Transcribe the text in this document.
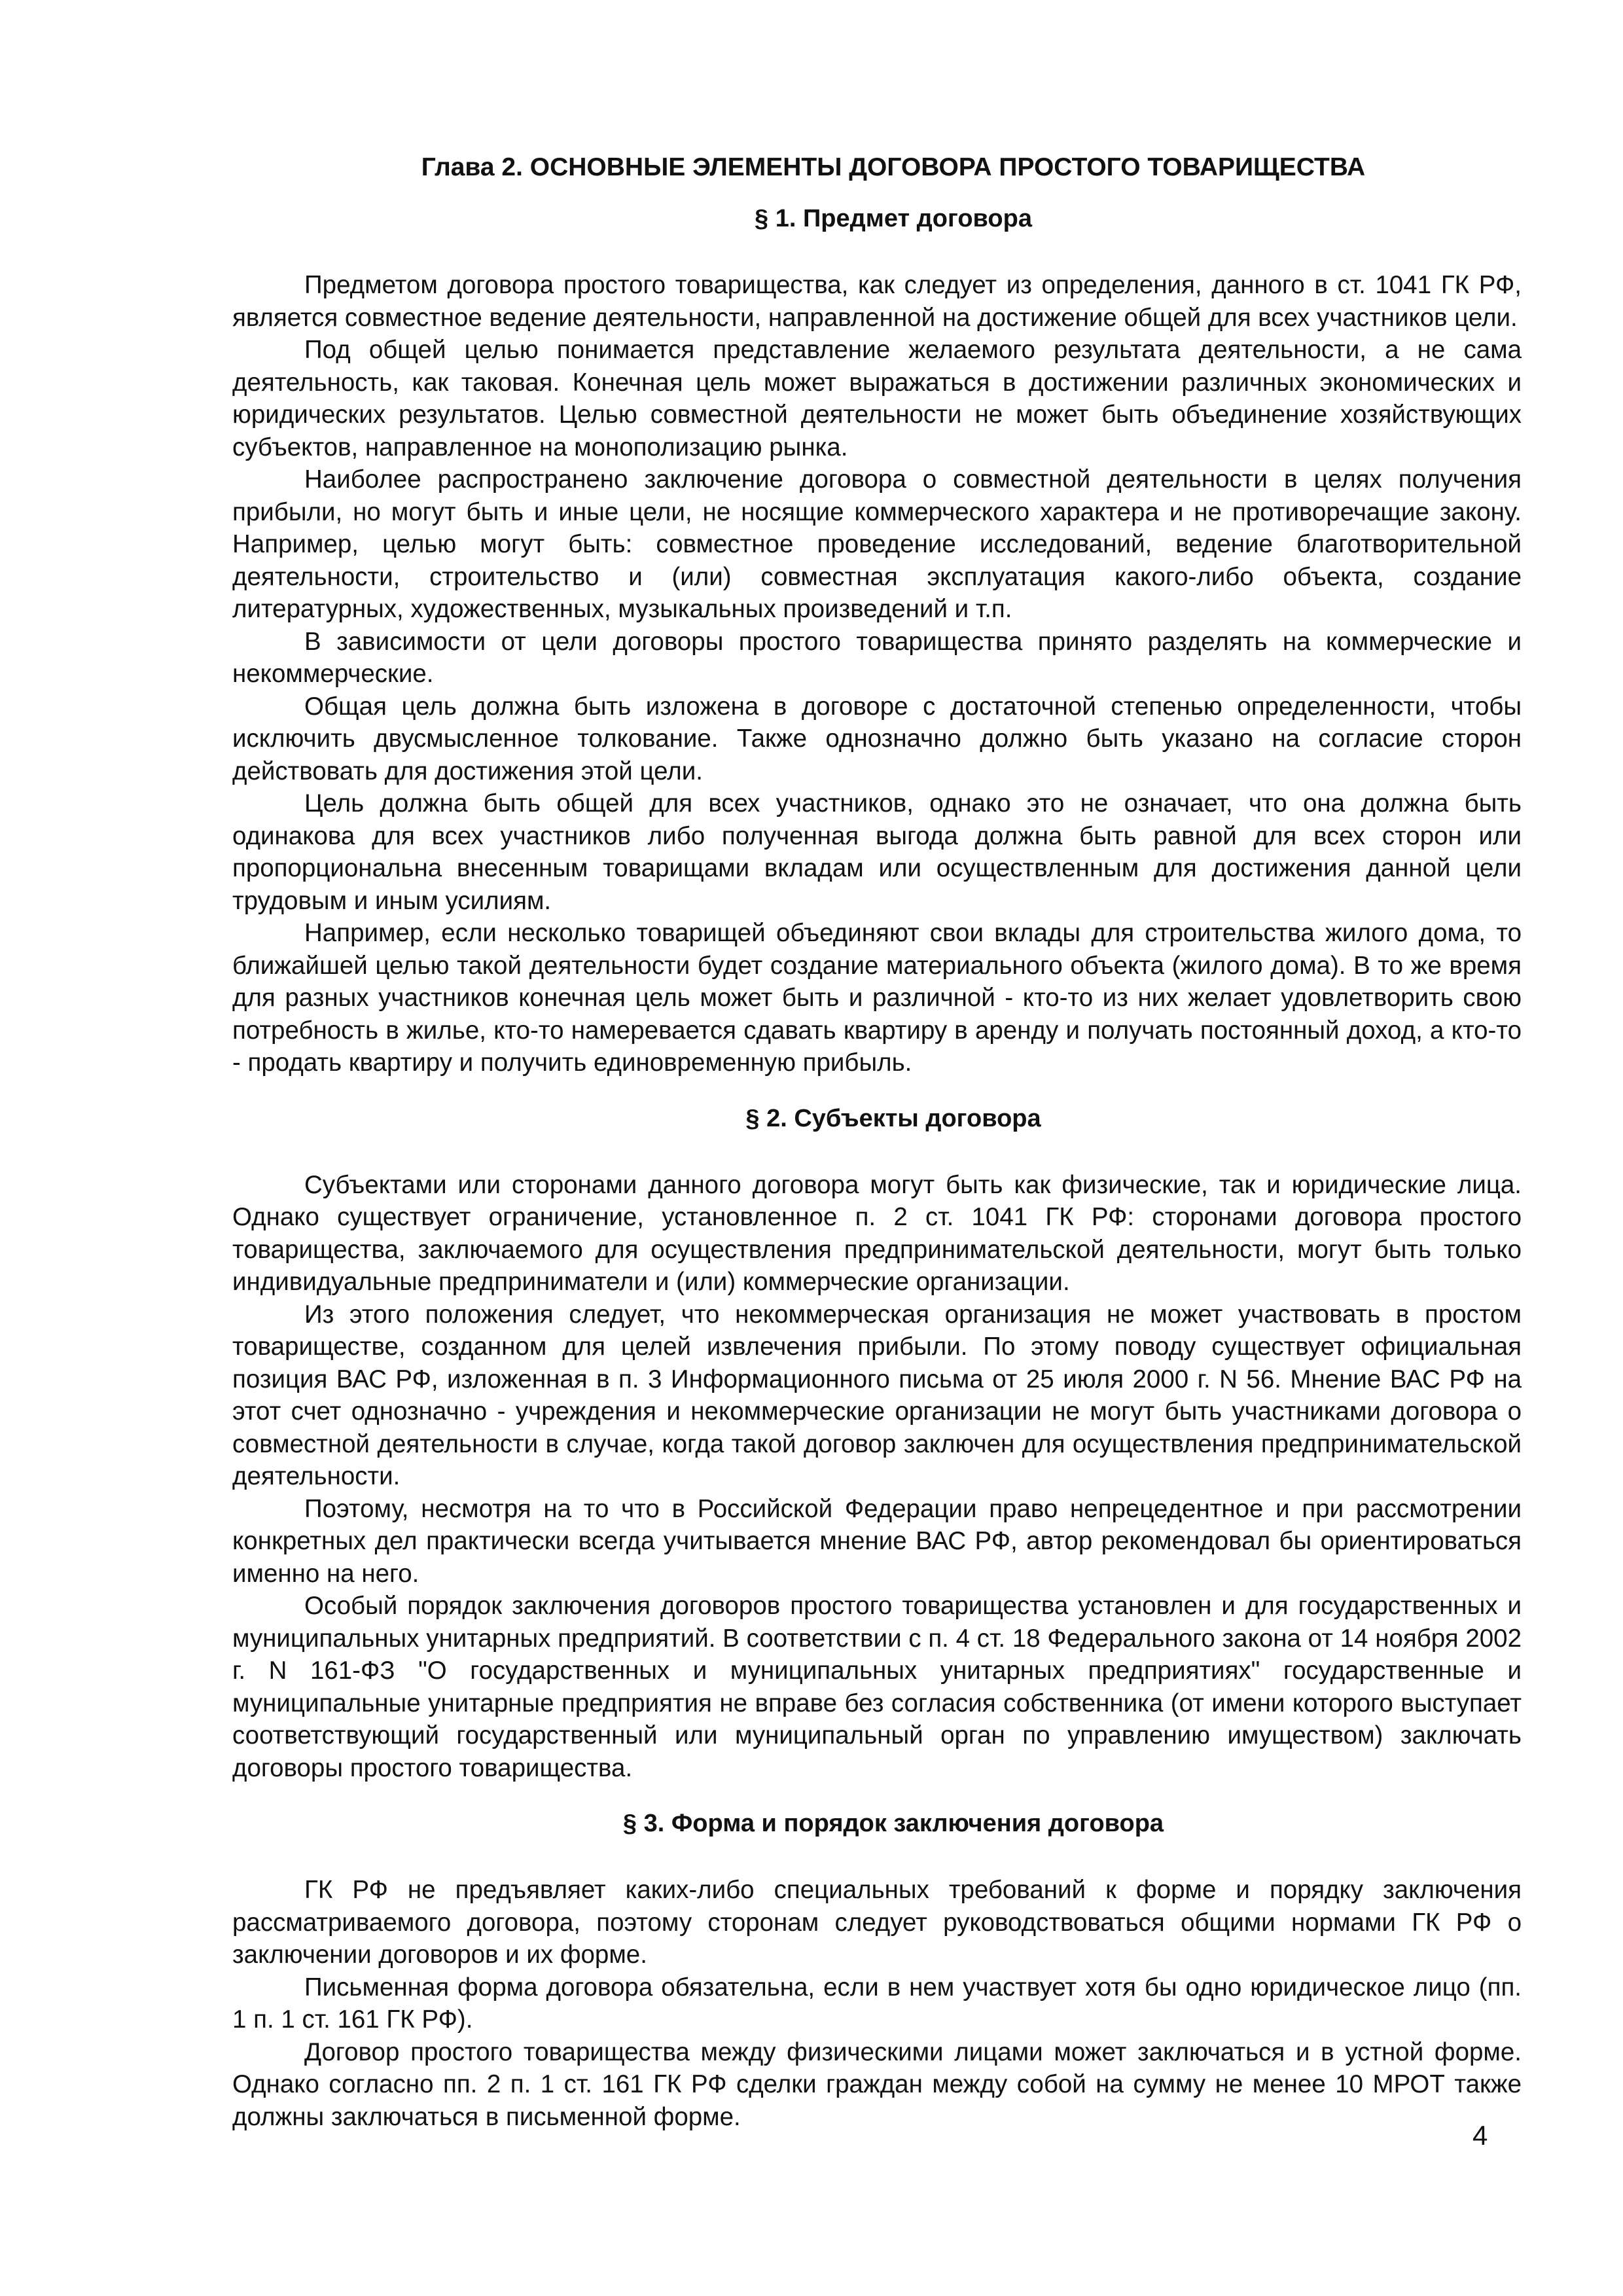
Глава 2. ОСНОВНЫЕ ЭЛЕМЕНТЫ ДОГОВОРА ПРОСТОГО ТОВАРИЩЕСТВА
§ 1. Предмет договора

Предметом договора простого товарищества, как следует из определения, данного в ст. 1041 ГК РФ, является совместное ведение деятельности, направленной на достижение общей для всех участников цели.

Под общей целью понимается представление желаемого результата деятельности, а не сама деятельность, как таковая. Конечная цель может выражаться в достижении различных экономических и юридических результатов. Целью совместной деятельности не может быть объединение хозяйствующих субъектов, направленное на монополизацию рынка.

Наиболее распространено заключение договора о совместной деятельности в целях получения прибыли, но могут быть и иные цели, не носящие коммерческого характера и не противоречащие закону. Например, целью могут быть: совместное проведение исследований, ведение благотворительной деятельности, строительство и (или) совместная эксплуатация какого-либо объекта, создание литературных, художественных, музыкальных произведений и т.п.

В зависимости от цели договоры простого товарищества принято разделять на коммерческие и некоммерческие.

Общая цель должна быть изложена в договоре с достаточной степенью определенности, чтобы исключить двусмысленное толкование. Также однозначно должно быть указано на согласие сторон действовать для достижения этой цели.

Цель должна быть общей для всех участников, однако это не означает, что она должна быть одинакова для всех участников либо полученная выгода должна быть равной для всех сторон или пропорциональна внесенным товарищами вкладам или осуществленным для достижения данной цели трудовым и иным усилиям.

Например, если несколько товарищей объединяют свои вклады для строительства жилого дома, то ближайшей целью такой деятельности будет создание материального объекта (жилого дома). В то же время для разных участников конечная цель может быть и различной - кто-то из них желает удовлетворить свою потребность в жилье, кто-то намеревается сдавать квартиру в аренду и получать постоянный доход, а кто-то - продать квартиру и получить единовременную прибыль.

§ 2. Субъекты договора

Субъектами или сторонами данного договора могут быть как физические, так и юридические лица. Однако существует ограничение, установленное п. 2 ст. 1041 ГК РФ: сторонами договора простого товарищества, заключаемого для осуществления предпринимательской деятельности, могут быть только индивидуальные предприниматели и (или) коммерческие организации.

Из этого положения следует, что некоммерческая организация не может участвовать в простом товариществе, созданном для целей извлечения прибыли. По этому поводу существует официальная позиция ВАС РФ, изложенная в п. 3 Информационного письма от 25 июля 2000 г. N 56. Мнение ВАС РФ на этот счет однозначно - учреждения и некоммерческие организации не могут быть участниками договора о совместной деятельности в случае, когда такой договор заключен для осуществления предпринимательской деятельности.

Поэтому, несмотря на то что в Российской Федерации право непрецедентное и при рассмотрении конкретных дел практически всегда учитывается мнение ВАС РФ, автор рекомендовал бы ориентироваться именно на него.

Особый порядок заключения договоров простого товарищества установлен и для государственных и муниципальных унитарных предприятий. В соответствии с п. 4 ст. 18 Федерального закона от 14 ноября 2002 г. N 161-ФЗ "О государственных и муниципальных унитарных предприятиях" государственные и муниципальные унитарные предприятия не вправе без согласия собственника (от имени которого выступает соответствующий государственный или муниципальный орган по управлению имуществом) заключать договоры простого товарищества.

§ 3. Форма и порядок заключения договора

ГК РФ не предъявляет каких-либо специальных требований к форме и порядку заключения рассматриваемого договора, поэтому сторонам следует руководствоваться общими нормами ГК РФ о заключении договоров и их форме.

Письменная форма договора обязательна, если в нем участвует хотя бы одно юридическое лицо (пп. 1 п. 1 ст. 161 ГК РФ).

Договор простого товарищества между физическими лицами может заключаться и в устной форме. Однако согласно пп. 2 п. 1 ст. 161 ГК РФ сделки граждан между собой на сумму не менее 10 МРОТ также должны заключаться в письменной форме.

4
